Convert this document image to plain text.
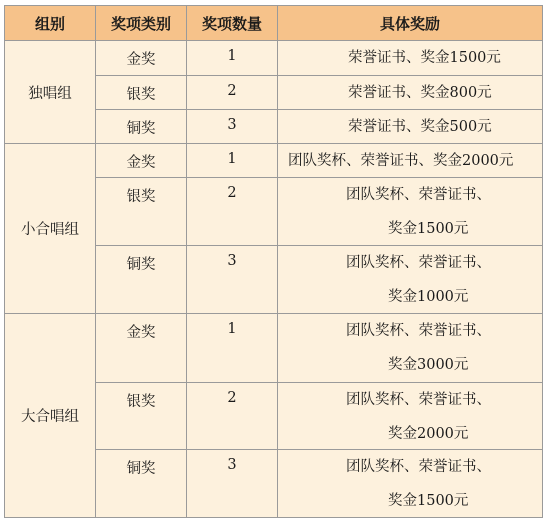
组别	奖项类别	奖项数量	具体奖励
独唱组	金奖	1	荣誉证书、奖金1500元

	银奖	2	荣誉证书、奖金800元

	铜奖	3	荣誉证书、奖金500元

小合唱组	金奖	1	团队奖杯、荣誉证书、奖金2000元

	银奖	2	团队奖杯、荣誉证书、
奖金1500元

	铜奖	3	团队奖杯、荣誉证书、
奖金1000元

大合唱组	金奖	1	团队奖杯、荣誉证书、
奖金3000元

	银奖	2	团队奖杯、荣誉证书、
奖金2000元

	铜奖	3	团队奖杯、荣誉证书、
奖金1500元
